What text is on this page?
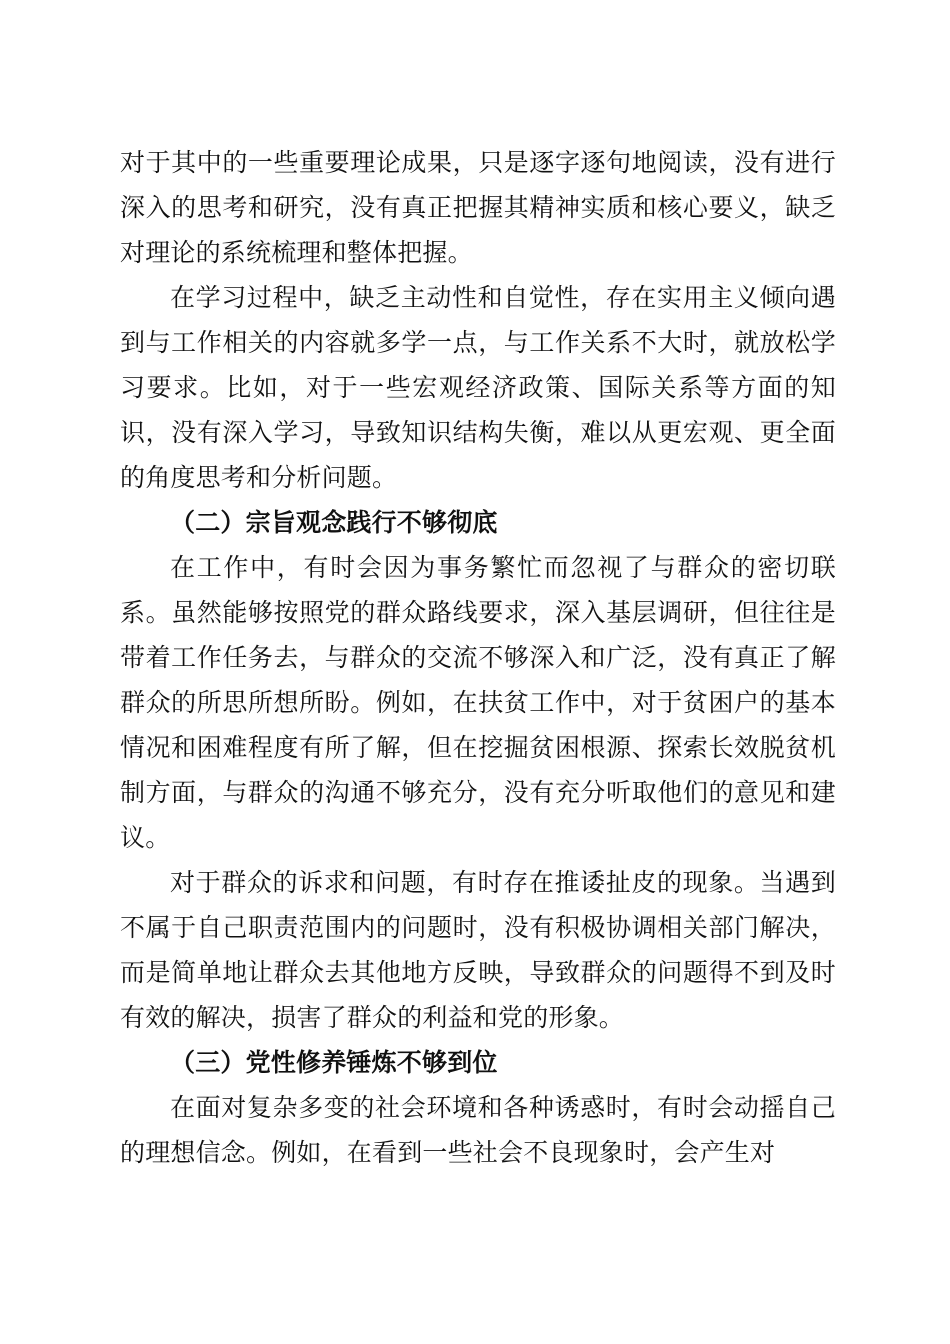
对于其中的一些重要理论成果，只是逐字逐句地阅读，没有进行深入的思考和研究，没有真正把握其精神实质和核心要义，缺乏对理论的系统梳理和整体把握。

在学习过程中，缺乏主动性和自觉性，存在实用主义倾向遇到与工作相关的内容就多学一点，与工作关系不大时，就放松学习要求。比如，对于一些宏观经济政策、国际关系等方面的知识，没有深入学习，导致知识结构失衡，难以从更宏观、更全面的角度思考和分析问题。

（二）宗旨观念践行不够彻底

在工作中，有时会因为事务繁忙而忽视了与群众的密切联系。虽然能够按照党的群众路线要求，深入基层调研，但往往是带着工作任务去，与群众的交流不够深入和广泛，没有真正了解群众的所思所想所盼。例如，在扶贫工作中，对于贫困户的基本情况和困难程度有所了解，但在挖掘贫困根源、探索长效脱贫机制方面，与群众的沟通不够充分，没有充分听取他们的意见和建议。

对于群众的诉求和问题，有时存在推诿扯皮的现象。当遇到不属于自己职责范围内的问题时，没有积极协调相关部门解决，而是简单地让群众去其他地方反映，导致群众的问题得不到及时有效的解决，损害了群众的利益和党的形象。

（三）党性修养锤炼不够到位

在面对复杂多变的社会环境和各种诱惑时，有时会动摇自己的理想信念。例如，在看到一些社会不良现象时，会产生对
